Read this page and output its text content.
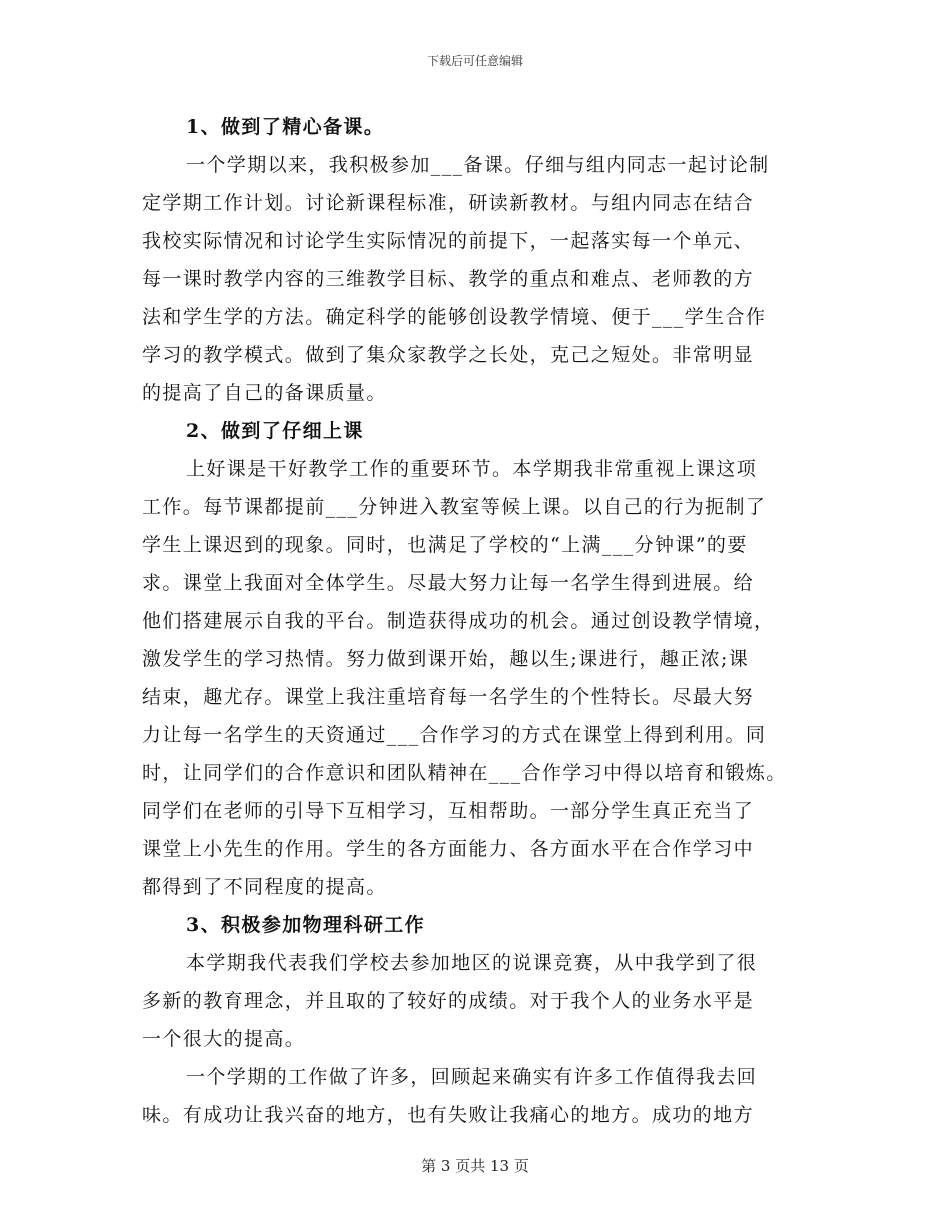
下载后可任意编辑
1、做到了精心备课。
一个学期以来，我积极参加___备课。仔细与组内同志一起讨论制
定学期工作计划。讨论新课程标准，研读新教材。与组内同志在结合
我校实际情况和讨论学生实际情况的前提下，一起落实每一个单元、
每一课时教学内容的三维教学目标、教学的重点和难点、老师教的方
法和学生学的方法。确定科学的能够创设教学情境、便于___学生合作
学习的教学模式。做到了集众家教学之长处，克己之短处。非常明显
的提高了自己的备课质量。
2、做到了仔细上课
上好课是干好教学工作的重要环节。本学期我非常重视上课这项
工作。每节课都提前___分钟进入教室等候上课。以自己的行为扼制了
学生上课迟到的现象。同时，也满足了学校的“上满___分钟课”的要
求。课堂上我面对全体学生。尽最大努力让每一名学生得到进展。给
他们搭建展示自我的平台。制造获得成功的机会。通过创设教学情境，
激发学生的学习热情。努力做到课开始，趣以生;课进行，趣正浓;课
结束，趣尤存。课堂上我注重培育每一名学生的个性特长。尽最大努
力让每一名学生的天资通过___合作学习的方式在课堂上得到利用。同
时，让同学们的合作意识和团队精神在___合作学习中得以培育和锻炼。
同学们在老师的引导下互相学习，互相帮助。一部分学生真正充当了
课堂上小先生的作用。学生的各方面能力、各方面水平在合作学习中
都得到了不同程度的提高。
3、积极参加物理科研工作
本学期我代表我们学校去参加地区的说课竞赛，从中我学到了很
多新的教育理念，并且取的了较好的成绩。对于我个人的业务水平是
一个很大的提高。
一个学期的工作做了许多，回顾起来确实有许多工作值得我去回
味。有成功让我兴奋的地方，也有失败让我痛心的地方。成功的地方
第 3 页共 13 页
